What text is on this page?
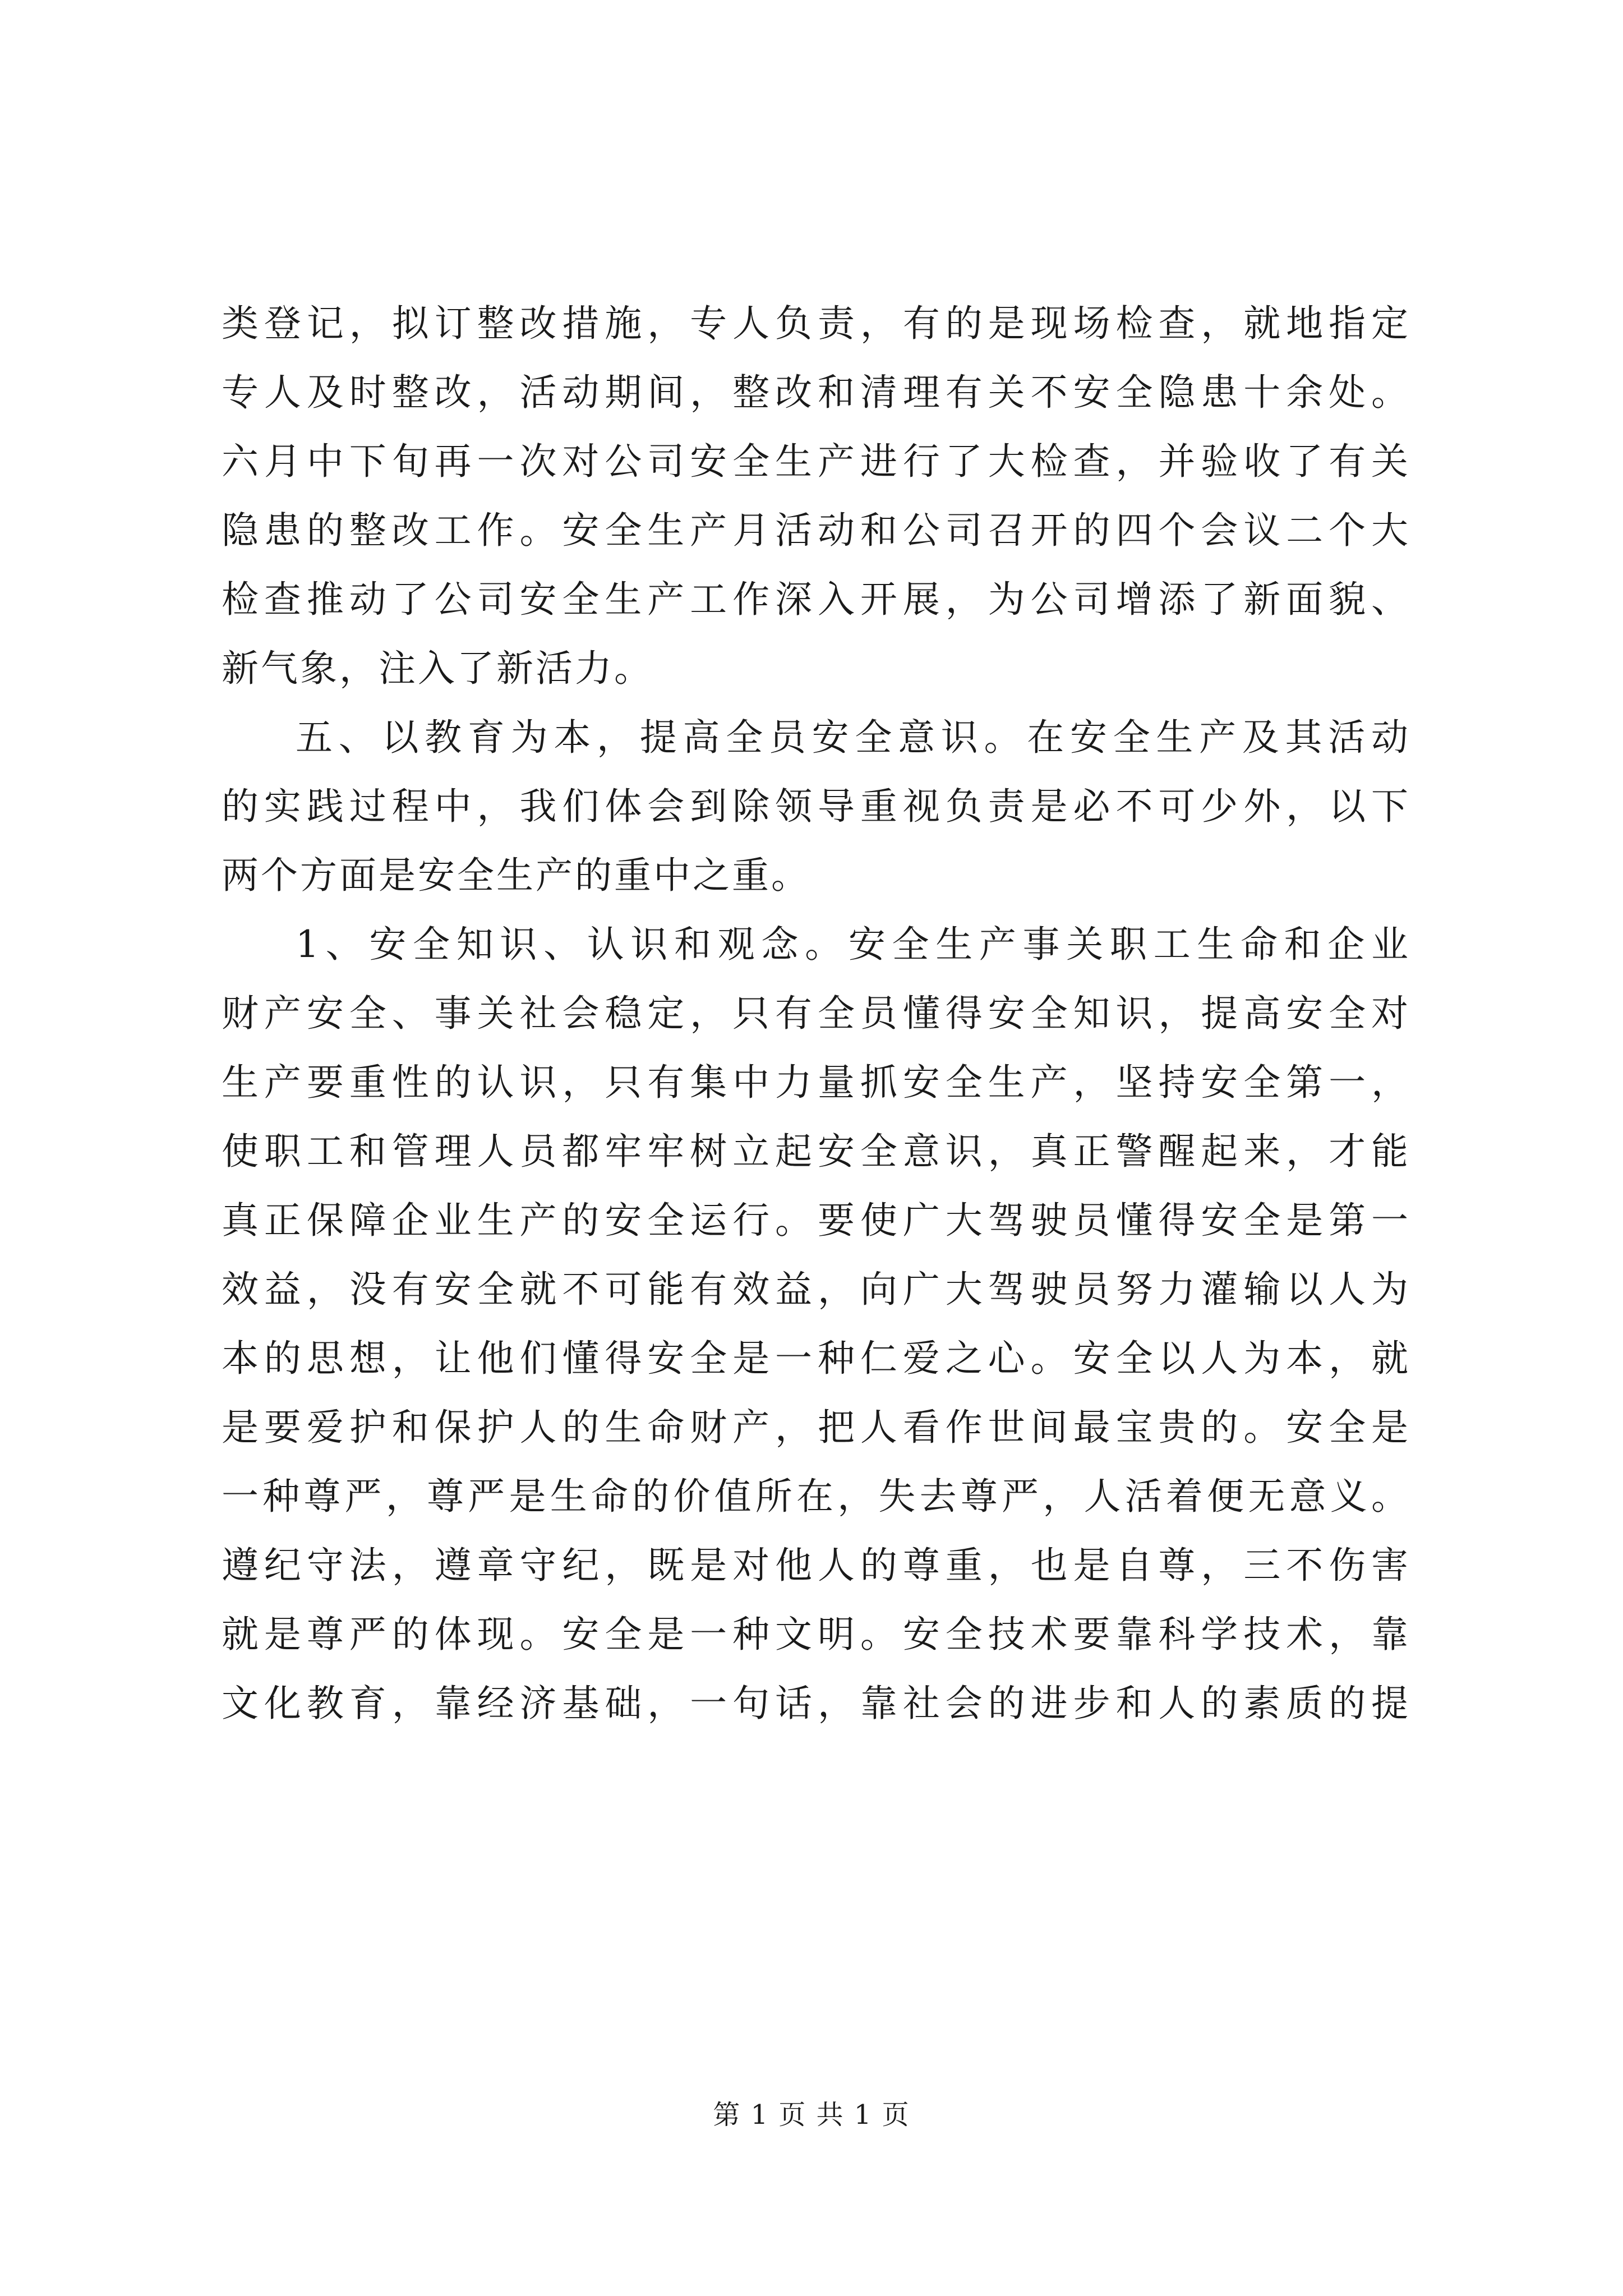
类登记，拟订整改措施，专人负责，有的是现场检查，就地指定
专人及时整改，活动期间，整改和清理有关不安全隐患十余处。
六月中下旬再一次对公司安全生产进行了大检查，并验收了有关
隐患的整改工作。安全生产月活动和公司召开的四个会议二个大
检查推动了公司安全生产工作深入开展，为公司增添了新面貌、
新气象，注入了新活力。
五、以教育为本，提高全员安全意识。在安全生产及其活动
的实践过程中，我们体会到除领导重视负责是必不可少外，以下
两个方面是安全生产的重中之重。
1、安全知识、认识和观念。安全生产事关职工生命和企业
财产安全、事关社会稳定，只有全员懂得安全知识，提高安全对
生产要重性的认识，只有集中力量抓安全生产，坚持安全第一，
使职工和管理人员都牢牢树立起安全意识，真正警醒起来，才能
真正保障企业生产的安全运行。要使广大驾驶员懂得安全是第一
效益，没有安全就不可能有效益，向广大驾驶员努力灌输以人为
本的思想，让他们懂得安全是一种仁爱之心。安全以人为本，就
是要爱护和保护人的生命财产，把人看作世间最宝贵的。安全是
一种尊严，尊严是生命的价值所在，失去尊严，人活着便无意义。
遵纪守法，遵章守纪，既是对他人的尊重，也是自尊，三不伤害
就是尊严的体现。安全是一种文明。安全技术要靠科学技术，靠
文化教育，靠经济基础，一句话，靠社会的进步和人的素质的提
第 1 页 共 1 页
